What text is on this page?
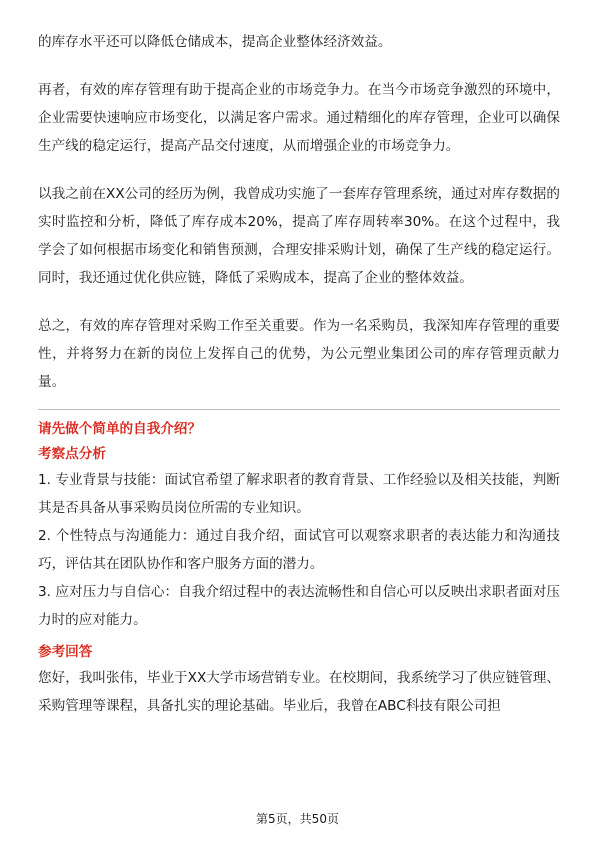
的库存水平还可以降低仓储成本，提高企业整体经济效益。

再者，有效的库存管理有助于提高企业的市场竞争力。在当今市场竞争激烈的环境中，企业需要快速响应市场变化，以满足客户需求。通过精细化的库存管理，企业可以确保生产线的稳定运行，提高产品交付速度，从而增强企业的市场竞争力。

以我之前在XX公司的经历为例，我曾成功实施了一套库存管理系统，通过对库存数据的实时监控和分析，降低了库存成本20%，提高了库存周转率30%。在这个过程中，我学会了如何根据市场变化和销售预测，合理安排采购计划，确保了生产线的稳定运行。同时，我还通过优化供应链，降低了采购成本，提高了企业的整体效益。

总之，有效的库存管理对采购工作至关重要。作为一名采购员，我深知库存管理的重要性，并将努力在新的岗位上发挥自己的优势，为公元塑业集团公司的库存管理贡献力量。

请先做个简单的自我介绍？

考察点分析

1. 专业背景与技能：面试官希望了解求职者的教育背景、工作经验以及相关技能，判断其是否具备从事采购员岗位所需的专业知识。

2. 个性特点与沟通能力：通过自我介绍，面试官可以观察求职者的表达能力和沟通技巧，评估其在团队协作和客户服务方面的潜力。

3. 应对压力与自信心：自我介绍过程中的表达流畅性和自信心可以反映出求职者面对压力时的应对能力。

参考回答

您好，我叫张伟，毕业于XX大学市场营销专业。在校期间，我系统学习了供应链管理、采购管理等课程，具备扎实的理论基础。毕业后，我曾在ABC科技有限公司担

第5页，共50页
